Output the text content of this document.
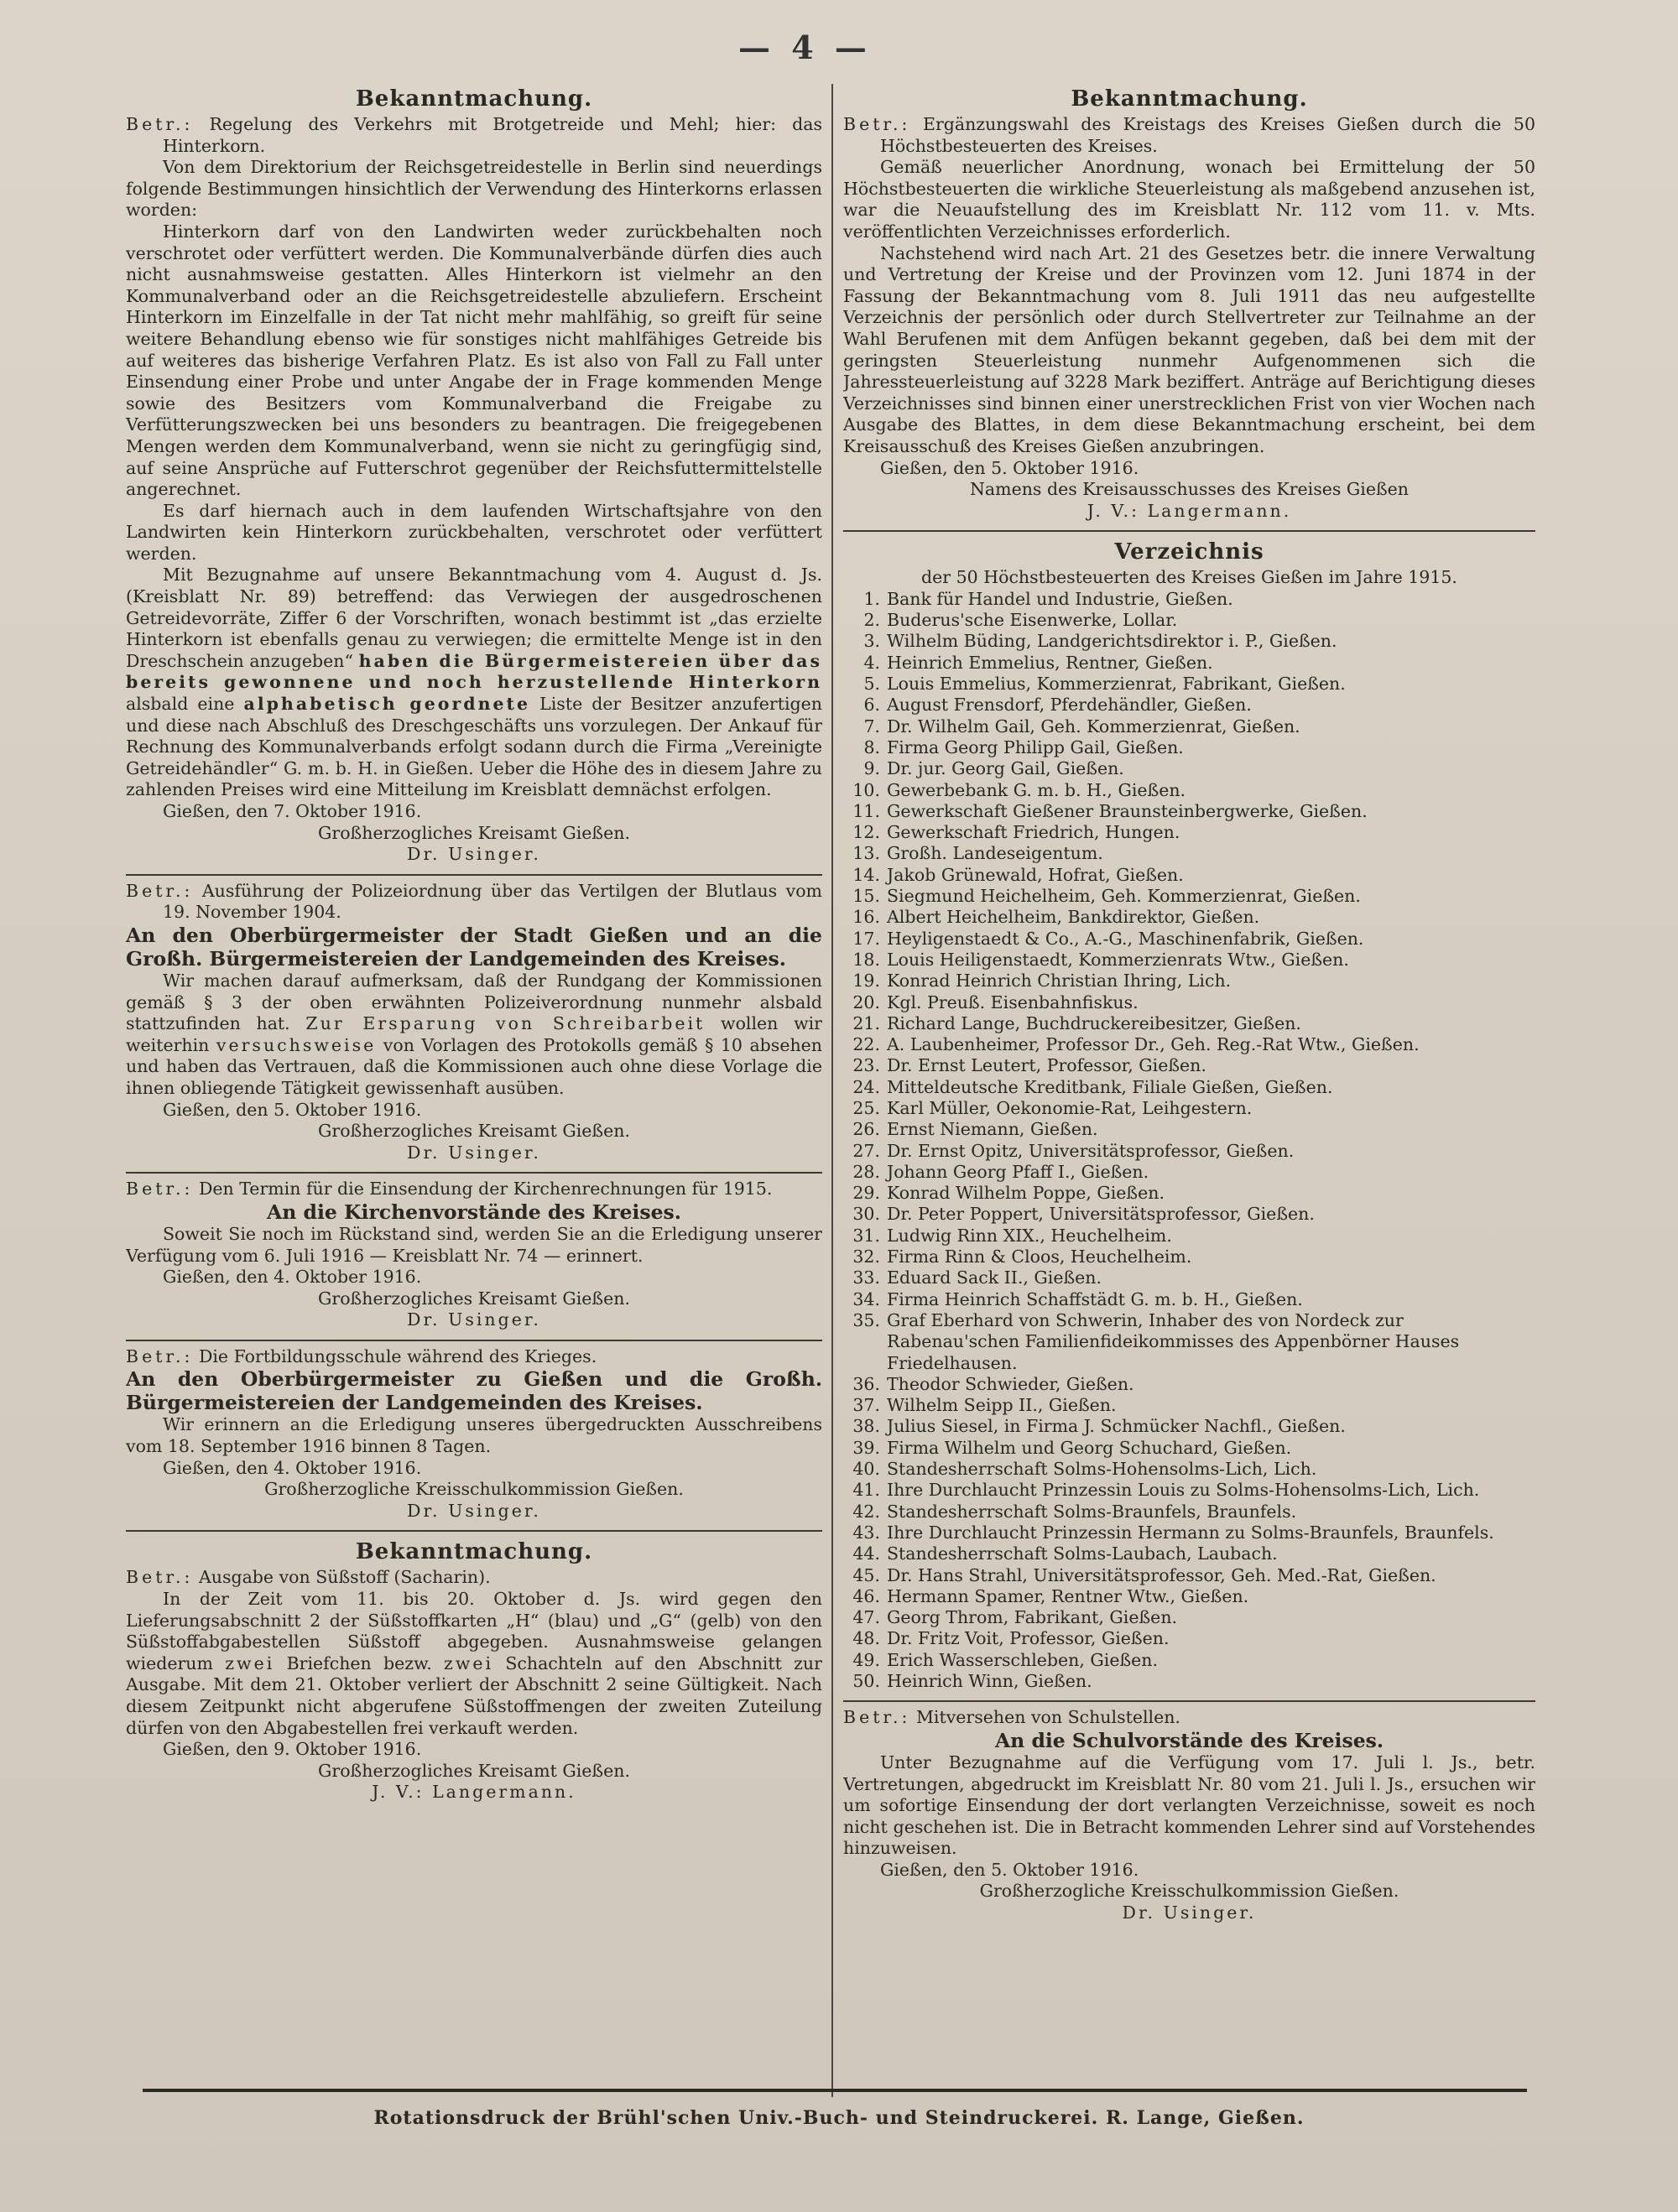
— 4 —
Bekanntmachung.

Betr.: Regelung des Verkehrs mit Brotgetreide und Mehl; hier: das Hinterkorn.

Von dem Direktorium der Reichsgetreidestelle in Berlin sind neuerdings folgende Bestimmungen hinsichtlich der Verwendung des Hinterkorns erlassen worden:

Hinterkorn darf von den Landwirten weder zurückbehalten noch verschrotet oder verfüttert werden. Die Kommunalverbände dürfen dies auch nicht ausnahmsweise gestatten. Alles Hinterkorn ist vielmehr an den Kommunalverband oder an die Reichsgetreidestelle abzuliefern. Erscheint Hinterkorn im Einzelfalle in der Tat nicht mehr mahlfähig, so greift für seine weitere Behandlung ebenso wie für sonstiges nicht mahlfähiges Getreide bis auf weiteres das bisherige Verfahren Platz. Es ist also von Fall zu Fall unter Einsendung einer Probe und unter Angabe der in Frage kommenden Menge sowie des Besitzers vom Kommunalverband die Freigabe zu Verfütterungszwecken bei uns besonders zu beantragen. Die freigegebenen Mengen werden dem Kommunalverband, wenn sie nicht zu geringfügig sind, auf seine Ansprüche auf Futterschrot gegenüber der Reichsfuttermittelstelle angerechnet.

Es darf hiernach auch in dem laufenden Wirtschaftsjahre von den Landwirten kein Hinterkorn zurückbehalten, verschrotet oder verfüttert werden.

Mit Bezugnahme auf unsere Bekanntmachung vom 4. August d. Js. (Kreisblatt Nr. 89) betreffend: das Verwiegen der ausgedroschenen Getreidevorräte, Ziffer 6 der Vorschriften, wonach bestimmt ist „das erzielte Hinterkorn ist ebenfalls genau zu verwiegen; die ermittelte Menge ist in den Dreschschein anzugeben“ haben die Bürgermeistereien über das bereits gewonnene und noch herzustellende Hinterkorn alsbald eine alphabetisch geordnete Liste der Besitzer anzufertigen und diese nach Abschluß des Dreschgeschäfts uns vorzulegen. Der Ankauf für Rechnung des Kommunalverbands erfolgt sodann durch die Firma „Vereinigte Getreidehändler“ G. m. b. H. in Gießen. Ueber die Höhe des in diesem Jahre zu zahlenden Preises wird eine Mitteilung im Kreisblatt demnächst erfolgen.

Gießen, den 7. Oktober 1916.

Großherzogliches Kreisamt Gießen.

Dr. Usinger.

Betr.: Ausführung der Polizeiordnung über das Vertilgen der Blutlaus vom 19. November 1904.

An den Oberbürgermeister der Stadt Gießen und an die Großh. Bürgermeistereien der Landgemeinden des Kreises.

Wir machen darauf aufmerksam, daß der Rundgang der Kommissionen gemäß § 3 der oben erwähnten Polizeiverordnung nunmehr alsbald stattzufinden hat. Zur Ersparung von Schreibarbeit wollen wir weiterhin versuchsweise von Vorlagen des Protokolls gemäß § 10 absehen und haben das Vertrauen, daß die Kommissionen auch ohne diese Vorlage die ihnen obliegende Tätigkeit gewissenhaft ausüben.

Gießen, den 5. Oktober 1916.

Großherzogliches Kreisamt Gießen.

Dr. Usinger.

Betr.: Den Termin für die Einsendung der Kirchenrechnungen für 1915.

An die Kirchenvorstände des Kreises.

Soweit Sie noch im Rückstand sind, werden Sie an die Erledigung unserer Verfügung vom 6. Juli 1916 — Kreisblatt Nr. 74 — erinnert.

Gießen, den 4. Oktober 1916.

Großherzogliches Kreisamt Gießen.

Dr. Usinger.

Betr.: Die Fortbildungsschule während des Krieges.

An den Oberbürgermeister zu Gießen und die Großh. Bürgermeistereien der Landgemeinden des Kreises.

Wir erinnern an die Erledigung unseres übergedruckten Ausschreibens vom 18. September 1916 binnen 8 Tagen.

Gießen, den 4. Oktober 1916.

Großherzogliche Kreisschulkommission Gießen.

Dr. Usinger.

Bekanntmachung.

Betr.: Ausgabe von Süßstoff (Sacharin).

In der Zeit vom 11. bis 20. Oktober d. Js. wird gegen den Lieferungsabschnitt 2 der Süßstoffkarten „H“ (blau) und „G“ (gelb) von den Süßstoffabgabestellen Süßstoff abgegeben. Ausnahmsweise gelangen wiederum zwei Briefchen bezw. zwei Schachteln auf den Abschnitt zur Ausgabe. Mit dem 21. Oktober verliert der Abschnitt 2 seine Gültigkeit. Nach diesem Zeitpunkt nicht abgerufene Süßstoffmengen der zweiten Zuteilung dürfen von den Abgabestellen frei verkauft werden.

Gießen, den 9. Oktober 1916.

Großherzogliches Kreisamt Gießen.

J. V.: Langermann.

Bekanntmachung.

Betr.: Ergänzungswahl des Kreistags des Kreises Gießen durch die 50 Höchstbesteuerten des Kreises.

Gemäß neuerlicher Anordnung, wonach bei Ermittelung der 50 Höchstbesteuerten die wirkliche Steuerleistung als maßgebend anzusehen ist, war die Neuaufstellung des im Kreisblatt Nr. 112 vom 11. v. Mts. veröffentlichten Verzeichnisses erforderlich.

Nachstehend wird nach Art. 21 des Gesetzes betr. die innere Verwaltung und Vertretung der Kreise und der Provinzen vom 12. Juni 1874 in der Fassung der Bekanntmachung vom 8. Juli 1911 das neu aufgestellte Verzeichnis der persönlich oder durch Stellvertreter zur Teilnahme an der Wahl Berufenen mit dem Anfügen bekannt gegeben, daß bei dem mit der geringsten Steuerleistung nunmehr Aufgenommenen sich die Jahressteuerleistung auf 3228 Mark beziffert. Anträge auf Berichtigung dieses Verzeichnisses sind binnen einer unerstrecklichen Frist von vier Wochen nach Ausgabe des Blattes, in dem diese Bekanntmachung erscheint, bei dem Kreisausschuß des Kreises Gießen anzubringen.

Gießen, den 5. Oktober 1916.

Namens des Kreisausschusses des Kreises Gießen

J. V.: Langermann.

Verzeichnis

der 50 Höchstbesteuerten des Kreises Gießen im Jahre 1915.

1. Bank für Handel und Industrie, Gießen.
2. Buderus'sche Eisenwerke, Lollar.
3. Wilhelm Büding, Landgerichtsdirektor i. P., Gießen.
4. Heinrich Emmelius, Rentner, Gießen.
5. Louis Emmelius, Kommerzienrat, Fabrikant, Gießen.
6. August Frensdorf, Pferdehändler, Gießen.
7. Dr. Wilhelm Gail, Geh. Kommerzienrat, Gießen.
8. Firma Georg Philipp Gail, Gießen.
9. Dr. jur. Georg Gail, Gießen.
10. Gewerbebank G. m. b. H., Gießen.
11. Gewerkschaft Gießener Braunsteinbergwerke, Gießen.
12. Gewerkschaft Friedrich, Hungen.
13. Großh. Landeseigentum.
14. Jakob Grünewald, Hofrat, Gießen.
15. Siegmund Heichelheim, Geh. Kommerzienrat, Gießen.
16. Albert Heichelheim, Bankdirektor, Gießen.
17. Heyligenstaedt & Co., A.-G., Maschinenfabrik, Gießen.
18. Louis Heiligenstaedt, Kommerzienrats Wtw., Gießen.
19. Konrad Heinrich Christian Ihring, Lich.
20. Kgl. Preuß. Eisenbahnfiskus.
21. Richard Lange, Buchdruckereibesitzer, Gießen.
22. A. Laubenheimer, Professor Dr., Geh. Reg.-Rat Wtw., Gießen.
23. Dr. Ernst Leutert, Professor, Gießen.
24. Mitteldeutsche Kreditbank, Filiale Gießen, Gießen.
25. Karl Müller, Oekonomie-Rat, Leihgestern.
26. Ernst Niemann, Gießen.
27. Dr. Ernst Opitz, Universitätsprofessor, Gießen.
28. Johann Georg Pfaff I., Gießen.
29. Konrad Wilhelm Poppe, Gießen.
30. Dr. Peter Poppert, Universitätsprofessor, Gießen.
31. Ludwig Rinn XIX., Heuchelheim.
32. Firma Rinn & Cloos, Heuchelheim.
33. Eduard Sack II., Gießen.
34. Firma Heinrich Schaffstädt G. m. b. H., Gießen.
35. Graf Eberhard von Schwerin, Inhaber des von Nordeck zur Rabenau'schen Familienfideikommisses des Appenbörner Hauses Friedelhausen.
36. Theodor Schwieder, Gießen.
37. Wilhelm Seipp II., Gießen.
38. Julius Siesel, in Firma J. Schmücker Nachfl., Gießen.
39. Firma Wilhelm und Georg Schuchard, Gießen.
40. Standesherrschaft Solms-Hohensolms-Lich, Lich.
41. Ihre Durchlaucht Prinzessin Louis zu Solms-Hohensolms-Lich, Lich.
42. Standesherrschaft Solms-Braunfels, Braunfels.
43. Ihre Durchlaucht Prinzessin Hermann zu Solms-Braunfels, Braunfels.
44. Standesherrschaft Solms-Laubach, Laubach.
45. Dr. Hans Strahl, Universitätsprofessor, Geh. Med.-Rat, Gießen.
46. Hermann Spamer, Rentner Wtw., Gießen.
47. Georg Throm, Fabrikant, Gießen.
48. Dr. Fritz Voit, Professor, Gießen.
49. Erich Wasserschleben, Gießen.
50. Heinrich Winn, Gießen.

Betr.: Mitversehen von Schulstellen.

An die Schulvorstände des Kreises.

Unter Bezugnahme auf die Verfügung vom 17. Juli l. Js., betr. Vertretungen, abgedruckt im Kreisblatt Nr. 80 vom 21. Juli l. Js., ersuchen wir um sofortige Einsendung der dort verlangten Verzeichnisse, soweit es noch nicht geschehen ist. Die in Betracht kommenden Lehrer sind auf Vorstehendes hinzuweisen.

Gießen, den 5. Oktober 1916.

Großherzogliche Kreisschulkommission Gießen.

Dr. Usinger.

Rotationsdruck der Brühl'schen Univ.-Buch- und Steindruckerei. R. Lange, Gießen.
